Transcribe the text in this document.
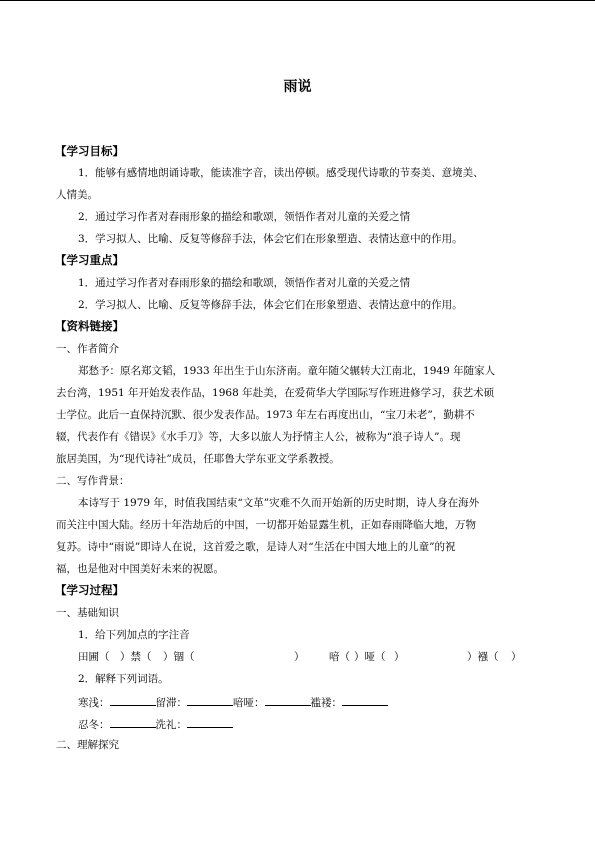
雨说
【学习目标】
1．能够有感情地朗诵诗歌，能读准字音，读出停顿。感受现代诗歌的节奏美、意境美、
人情美。
2．通过学习作者对春雨形象的描绘和歌颂，领悟作者对儿童的关爱之情
3．学习拟人、比喻、反复等修辞手法，体会它们在形象塑造、表情达意中的作用。
【学习重点】
1．通过学习作者对春雨形象的描绘和歌颂，领悟作者对儿童的关爱之情
2．学习拟人、比喻、反复等修辞手法，体会它们在形象塑造、表情达意中的作用。
【资料链接】
一、作者简介
郑愁予：原名郑文韬，1933 年出生于山东济南。童年随父辗转大江南北，1949 年随家人
去台湾，1951 年开始发表作品，1968 年赴美，在爱荷华大学国际写作班进修学习，获艺术硕
士学位。此后一直保持沉默、很少发表作品。1973 年左右再度出山，“宝刀未老”，勤耕不
辍，代表作有《错误》《水手刀》等，大多以旅人为抒情主人公，被称为“浪子诗人”。现
旅居美国，为“现代诗社”成员，任耶鲁大学东亚文学系教授。
二、写作背景：
本诗写于 1979 年，时值我国结束“文革”灾难不久而开始新的历史时期，诗人身在海外
而关注中国大陆。经历十年浩劫后的中国，一切都开始显露生机，正如春雨降临大地，万物
复苏。诗中“雨说”即诗人在说，这首爱之歌，是诗人对“生活在中国大地上的儿童”的祝
福，也是他对中国美好未来的祝愿。
【学习过程】
一、基础知识
1．给下列加点的字注音
田圃（ ）禁（ ）锢（	） 喑（ ）哑（ ）	）襁（ ）
2．解释下列词语。
寒浅：	留滞：	喑哑：	褴褛：
忍冬：	洗礼：
二、理解探究
